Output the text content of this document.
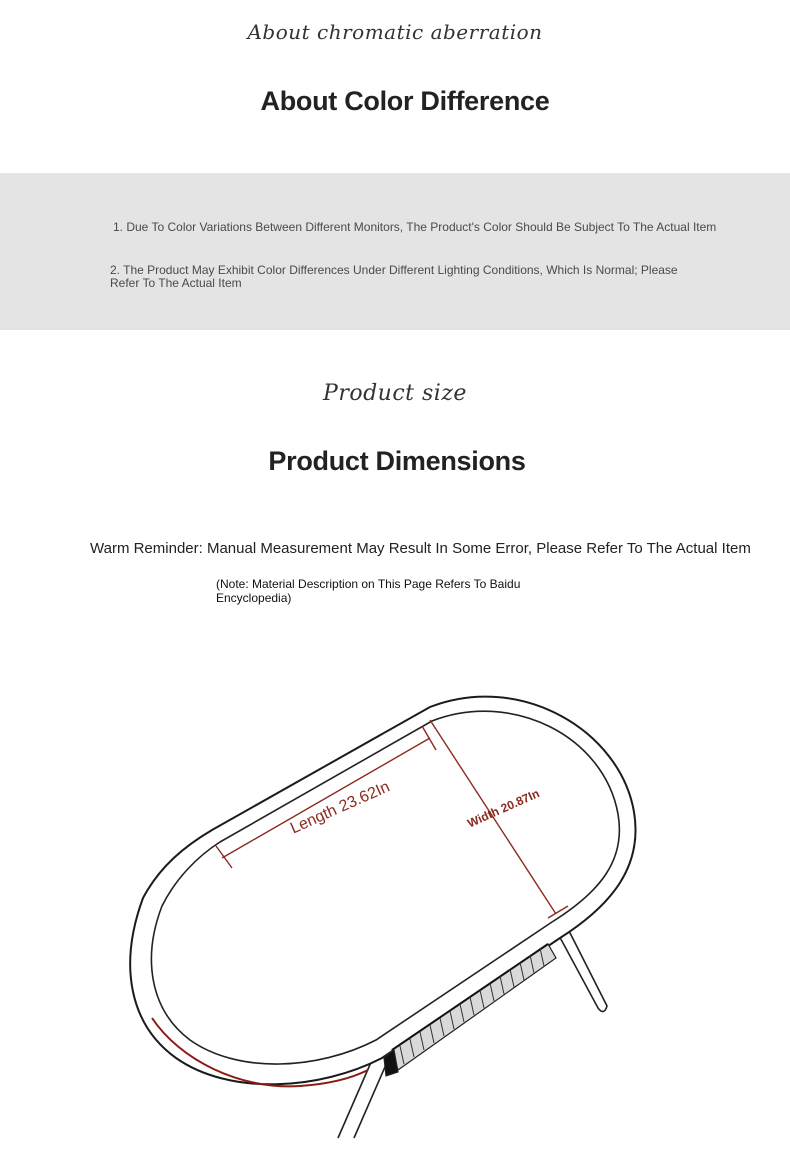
About chromatic aberration
About Color Difference
1. Due To Color Variations Between Different Monitors, The Product's Color Should Be Subject To The Actual Item
2. The Product May Exhibit Color Differences Under Different Lighting Conditions, Which Is Normal; Please Refer To The Actual Item
Product size
Product Dimensions
Warm Reminder: Manual Measurement May Result In Some Error, Please Refer To The Actual Item
(Note: Material Description on This Page Refers To Baidu Encyclopedia)
Length 23.62In	Width 20.87In
